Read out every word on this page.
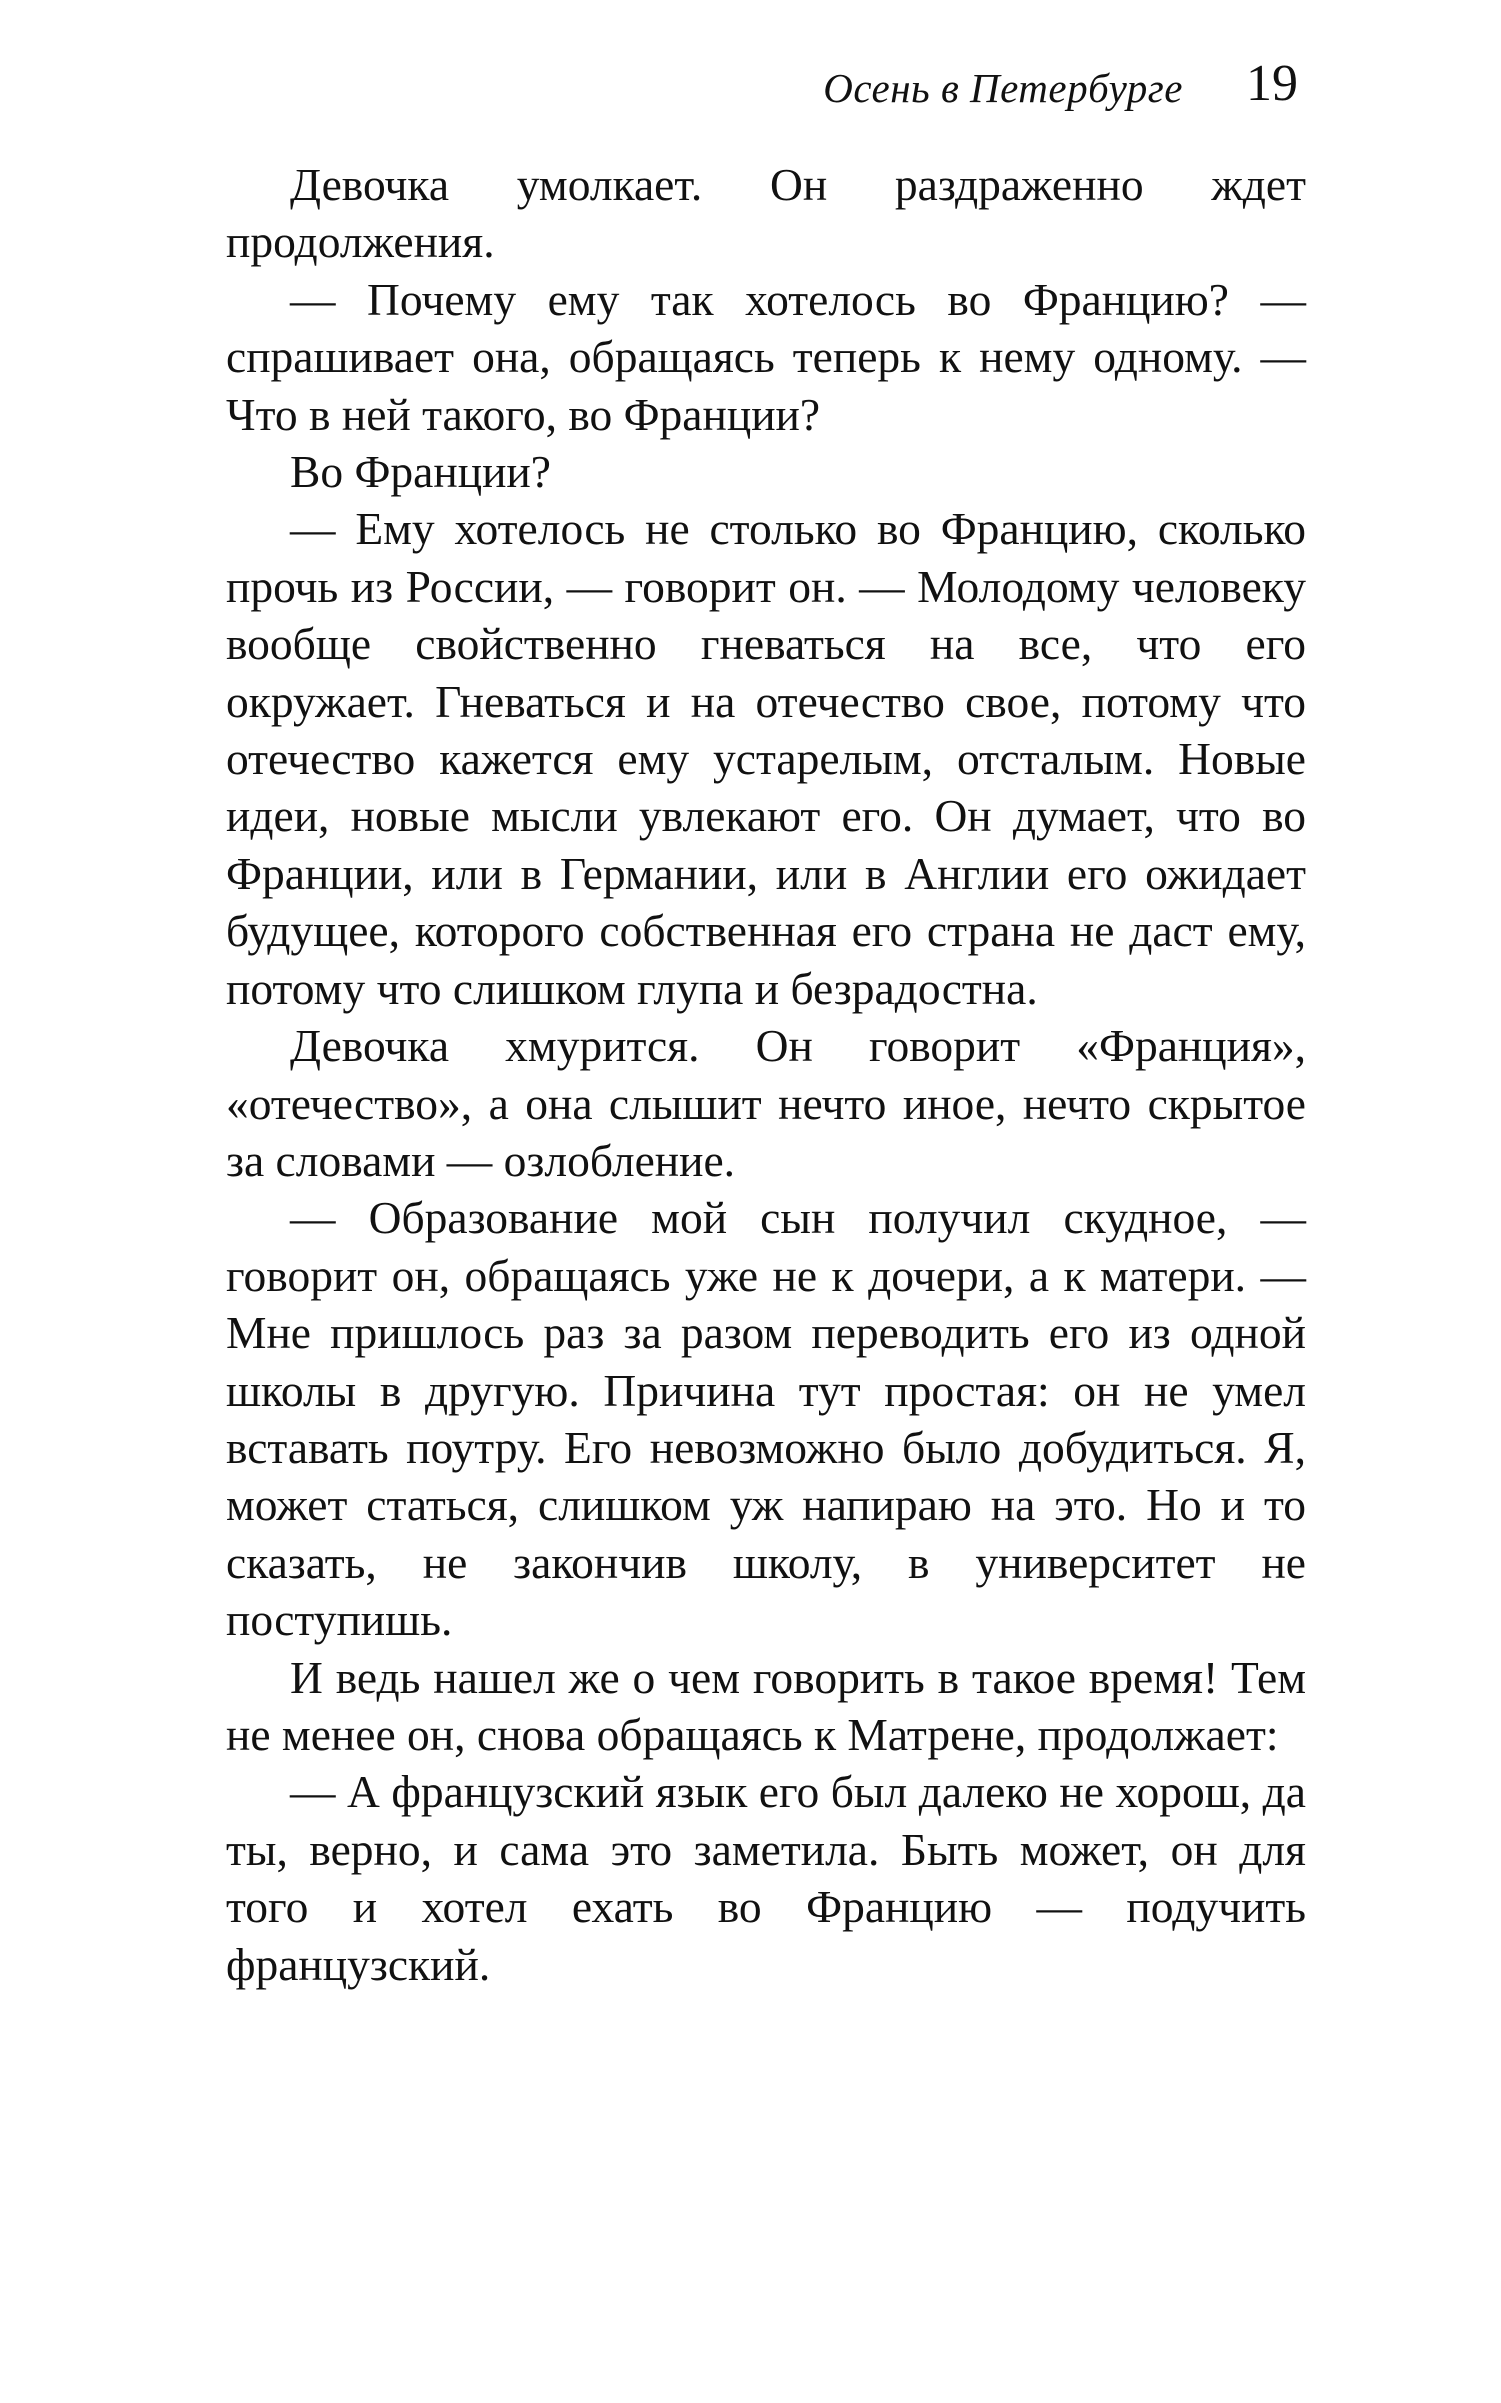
Осень в Петербурге 19

Девочка умолкает. Он раздраженно ждет продолжения.

— Почему ему так хотелось во Францию? — спрашивает она, обращаясь теперь к нему одному. — Что в ней такого, во Франции?

Во Франции?

— Ему хотелось не столько во Францию, сколько прочь из России, — говорит он. — Молодому человеку вообще свойственно гневаться на все, что его окружает. Гневаться и на отечество свое, потому что отечество кажется ему устарелым, отсталым. Новые идеи, новые мысли увлекают его. Он думает, что во Франции, или в Германии, или в Англии его ожидает будущее, которого собственная его страна не даст ему, потому что слишком глупа и безрадостна.

Девочка хмурится. Он говорит «Франция», «отечество», а она слышит нечто иное, нечто скрытое за словами — озлобление.

— Образование мой сын получил скудное, — говорит он, обращаясь уже не к дочери, а к матери. — Мне пришлось раз за разом переводить его из одной школы в другую. Причина тут простая: он не умел вставать поутру. Его невозможно было добудиться. Я, может статься, слишком уж напираю на это. Но и то сказать, не закончив школу, в университет не поступишь.

И ведь нашел же о чем говорить в такое время! Тем не менее он, снова обращаясь к Матрене, продолжает:

— А французский язык его был далеко не хорош, да ты, верно, и сама это заметила. Быть может, он для того и хотел ехать во Францию — подучить французский.
